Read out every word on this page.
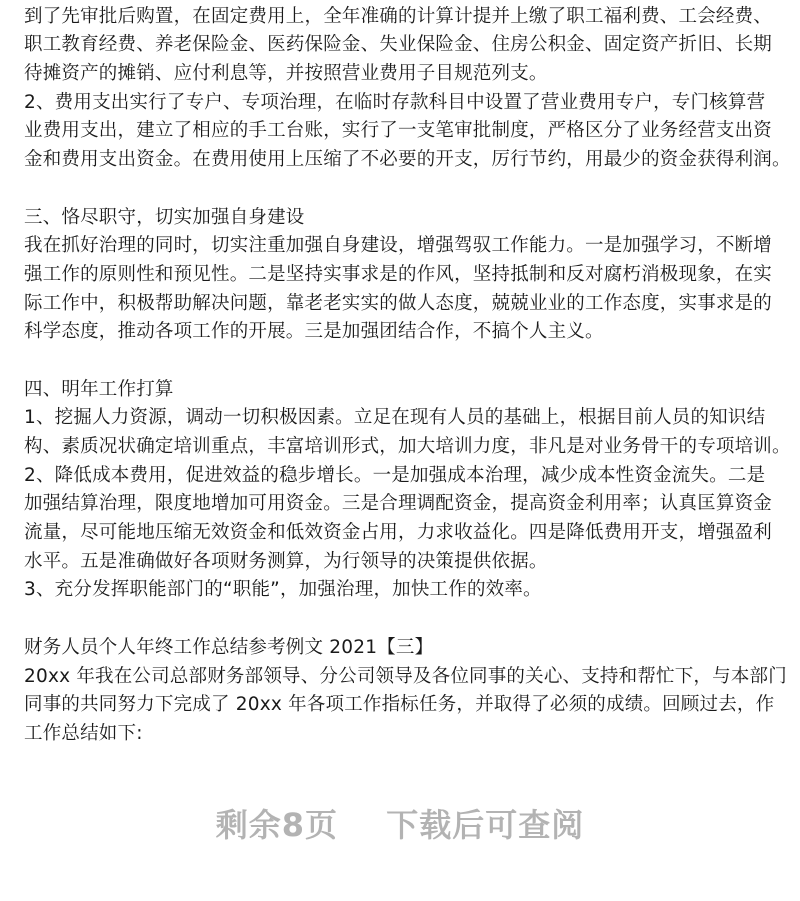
到了先审批后购置，在固定费用上，全年准确的计算计提并上缴了职工福利费、工会经费、
职工教育经费、养老保险金、医药保险金、失业保险金、住房公积金、固定资产折旧、长期
待摊资产的摊销、应付利息等，并按照营业费用子目规范列支。
2、费用支出实行了专户、专项治理，在临时存款科目中设置了营业费用专户，专门核算营
业费用支出，建立了相应的手工台账，实行了一支笔审批制度，严格区分了业务经营支出资
金和费用支出资金。在费用使用上压缩了不必要的开支，厉行节约，用最少的资金获得利润。

三、恪尽职守，切实加强自身建设
我在抓好治理的同时，切实注重加强自身建设，增强驾驭工作能力。一是加强学习，不断增
强工作的原则性和预见性。二是坚持实事求是的作风，坚持抵制和反对腐朽消极现象，在实
际工作中，积极帮助解决问题，靠老老实实的做人态度，兢兢业业的工作态度，实事求是的
科学态度，推动各项工作的开展。三是加强团结合作，不搞个人主义。

四、明年工作打算
1、挖掘人力资源，调动一切积极因素。立足在现有人员的基础上，根据目前人员的知识结
构、素质况状确定培训重点，丰富培训形式，加大培训力度，非凡是对业务骨干的专项培训。
2、降低成本费用，促进效益的稳步增长。一是加强成本治理，减少成本性资金流失。二是
加强结算治理，限度地增加可用资金。三是合理调配资金，提高资金利用率；认真匡算资金
流量，尽可能地压缩无效资金和低效资金占用，力求收益化。四是降低费用开支，增强盈利
水平。五是准确做好各项财务测算，为行领导的决策提供依据。
3、充分发挥职能部门的“职能”，加强治理，加快工作的效率。

财务人员个人年终工作总结参考例文 2021【三】
20xx 年我在公司总部财务部领导、分公司领导及各位同事的关心、支持和帮忙下，与本部门
同事的共同努力下完成了 20xx 年各项工作指标任务，并取得了必须的成绩。回顾过去，作
工作总结如下:
剩余8页 下载后可查阅
